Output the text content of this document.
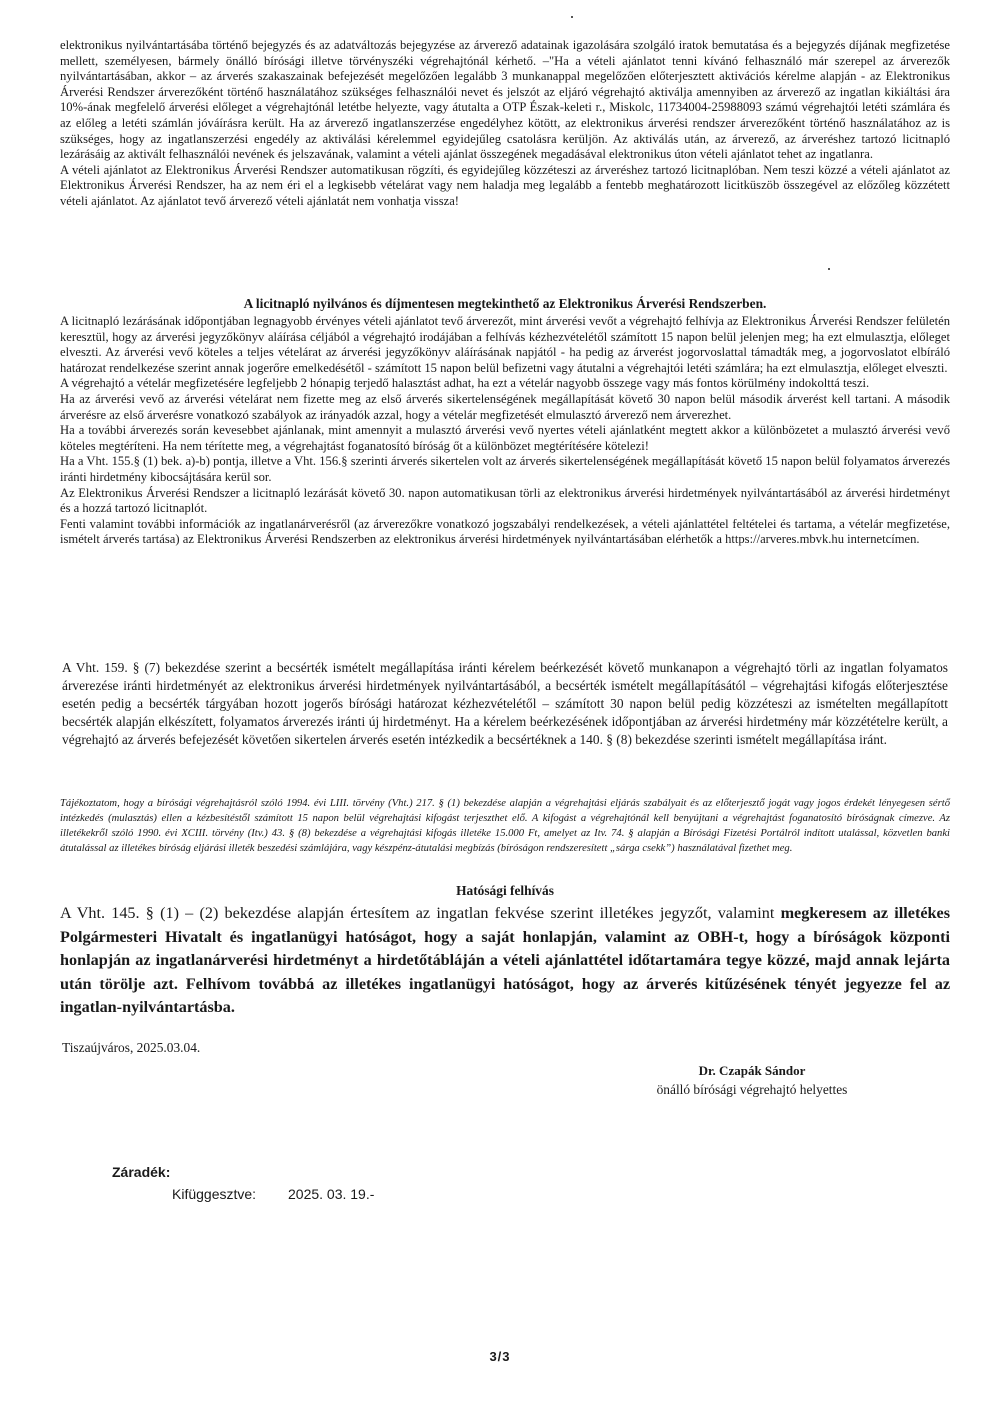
elektronikus nyilvántartásába történő bejegyzés és az adatváltozás bejegyzése az árverező adatainak igazolására szolgáló iratok bemutatása és a bejegyzés díjának megfizetése mellett, személyesen, bármely önálló bírósági illetve törvényszéki végrehajtónál kérhető. –"Ha a vételi ajánlatot tenni kívánó felhasználó már szerepel az árverezők nyilvántartásában, akkor – az árverés szakaszainak befejezését megelőzően legalább 3 munkanappal megelőzően előterjesztett aktivációs kérelme alapján - az Elektronikus Árverési Rendszer árverezőként történő használatához szükséges felhasználói nevet és jelszót az eljáró végrehajtó aktiválja amennyiben az árverező az ingatlan kikiáltási ára 10%-ának megfelelő árverési előleget a végrehajtónál letétbe helyezte, vagy átutalta a OTP Észak-keleti r., Miskolc, 11734004-25988093 számú végrehajtói letéti számlára és az előleg a letéti számlán jóváírásra került. Ha az árverező ingatlanszerzése engedélyhez kötött, az elektronikus árverési rendszer árverezőként történő használatához az is szükséges, hogy az ingatlanszerzési engedély az aktiválási kérelemmel egyidejűleg csatolásra kerüljön. Az aktiválás után, az árverező, az árveréshez tartozó licitnapló lezárásáig az aktivált felhasználói nevének és jelszavának, valamint a vételi ajánlat összegének megadásával elektronikus úton vételi ajánlatot tehet az ingatlanra.

A vételi ajánlatot az Elektronikus Árverési Rendszer automatikusan rögzíti, és egyidejűleg közzéteszi az árveréshez tartozó licitnaplóban. Nem teszi közzé a vételi ajánlatot az Elektronikus Árverési Rendszer, ha az nem éri el a legkisebb vételárat vagy nem haladja meg legalább a fentebb meghatározott licitküszöb összegével az előzőleg közzétett vételi ajánlatot. Az ajánlatot tevő árverező vételi ajánlatát nem vonhatja vissza!

A licitnapló nyilvános és díjmentesen megtekinthető az Elektronikus Árverési Rendszerben.

A licitnapló lezárásának időpontjában legnagyobb érvényes vételi ajánlatot tevő árverezőt, mint árverési vevőt a végrehajtó felhívja az Elektronikus Árverési Rendszer felületén keresztül, hogy az árverési jegyzőkönyv aláírása céljából a végrehajtó irodájában a felhívás kézhezvételétől számított 15 napon belül jelenjen meg; ha ezt elmulasztja, előleget elveszti. Az árverési vevő köteles a teljes vételárat az árverési jegyzőkönyv aláírásának napjától - ha pedig az árverést jogorvoslattal támadták meg, a jogorvoslatot elbíráló határozat rendelkezése szerint annak jogerőre emelkedésétől - számított 15 napon belül befizetni vagy átutalni a végrehajtói letéti számlára; ha ezt elmulasztja, előleget elveszti.

A végrehajtó a vételár megfizetésére legfeljebb 2 hónapig terjedő halasztást adhat, ha ezt a vételár nagyobb összege vagy más fontos körülmény indokolttá teszi.

Ha az árverési vevő az árverési vételárat nem fizette meg az első árverés sikertelenségének megállapítását követő 30 napon belül második árverést kell tartani. A második árverésre az első árverésre vonatkozó szabályok az irányadók azzal, hogy a vételár megfizetését elmulasztó árverező nem árverezhet.

Ha a további árverezés során kevesebbet ajánlanak, mint amennyit a mulasztó árverési vevő nyertes vételi ajánlatként megtett akkor a különbözetet a mulasztó árverési vevő köteles megtéríteni. Ha nem térítette meg, a végrehajtást foganatosító bíróság őt a különbözet megtérítésére kötelezi!

Ha a Vht. 155.§ (1) bek. a)-b) pontja, illetve a Vht. 156.§ szerinti árverés sikertelen volt az árverés sikertelenségének megállapítását követő 15 napon belül folyamatos árverezés iránti hirdetmény kibocsájtására kerül sor.

Az Elektronikus Árverési Rendszer a licitnapló lezárását követő 30. napon automatikusan törli az elektronikus árverési hirdetmények nyilvántartásából az árverési hirdetményt és a hozzá tartozó licitnaplót.

Fenti valamint további információk az ingatlanárverésről (az árverezőkre vonatkozó jogszabályi rendelkezések, a vételi ajánlattétel feltételei és tartama, a vételár megfizetése, ismételt árverés tartása) az Elektronikus Árverési Rendszerben az elektronikus árverési hirdetmények nyilvántartásában elérhetők a https://arveres.mbvk.hu internetcímen.

A Vht. 159. § (7) bekezdése szerint a becsérték ismételt megállapítása iránti kérelem beérkezését követő munkanapon a végrehajtó törli az ingatlan folyamatos árverezése iránti hirdetményét az elektronikus árverési hirdetmények nyilvántartásából, a becsérték ismételt megállapításától – végrehajtási kifogás előterjesztése esetén pedig a becsérték tárgyában hozott jogerős bírósági határozat kézhezvételétől – számított 30 napon belül pedig közzéteszi az ismételten megállapított becsérték alapján elkészített, folyamatos árverezés iránti új hirdetményt. Ha a kérelem beérkezésének időpontjában az árverési hirdetmény már közzétételre került, a végrehajtó az árverés befejezését követően sikertelen árverés esetén intézkedik a becsértéknek a 140. § (8) bekezdése szerinti ismételt megállapítása iránt.

Tájékoztatom, hogy a bírósági végrehajtásról szóló 1994. évi LIII. törvény (Vht.) 217. § (1) bekezdése alapján a végrehajtási eljárás szabályait és az előterjesztő jogát vagy jogos érdekét lényegesen sértő intézkedés (mulasztás) ellen a kézbesítéstől számított 15 napon belül végrehajtási kifogást terjeszthet elő. A kifogást a végrehajtónál kell benyújtani a végrehajtást foganatosító bíróságnak címezve. Az illetékekről szóló 1990. évi XCIII. törvény (Itv.) 43. § (8) bekezdése a végrehajtási kifogás illetéke 15.000 Ft, amelyet az Itv. 74. § alapján a Bírósági Fizetési Portálról indított utalással, közvetlen banki átutalással az illetékes bíróság eljárási illeték beszedési számlájára, vagy készpénz-átutalási megbízás (bíróságon rendszeresített „sárga csekk”) használatával fizethet meg.
Hatósági felhívás
A Vht. 145. § (1) – (2) bekezdése alapján értesítem az ingatlan fekvése szerint illetékes jegyzőt, valamint megkeresem az illetékes Polgármesteri Hivatalt és ingatlanügyi hatóságot, hogy a saját honlapján, valamint az OBH-t, hogy a bíróságok központi honlapján az ingatlanárverési hirdetményt a hirdetőtábláján a vételi ajánlattétel időtartamára tegye közzé, majd annak lejárta után törölje azt. Felhívom továbbá az illetékes ingatlanügyi hatóságot, hogy az árverés kitűzésének tényét jegyezze fel az ingatlan-nyilvántartásba.
Tiszaújváros, 2025.03.04.
Dr. Czapák Sándor
önálló bírósági végrehajtó helyettes
Záradék:
Kifüggesztve: 2025. 03. 19.-
3/3
